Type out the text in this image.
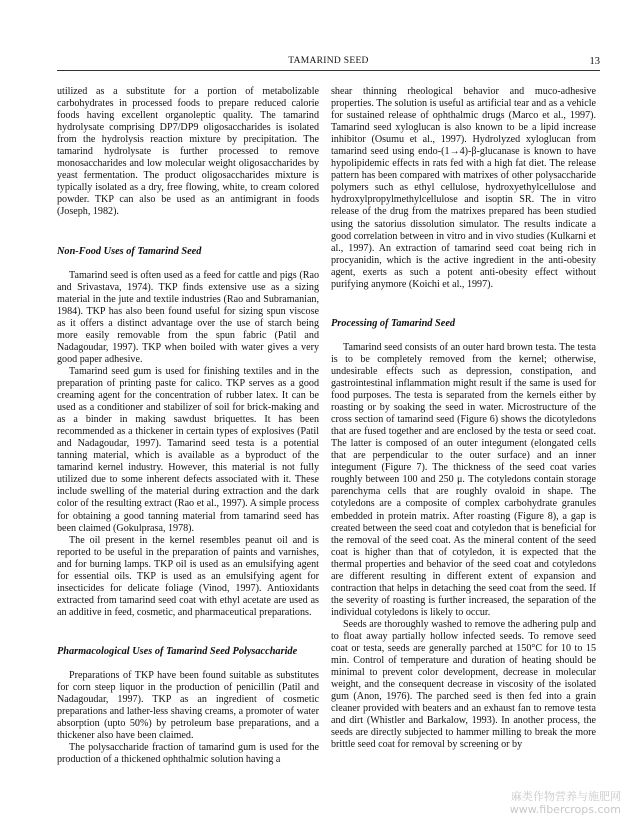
TAMARIND SEED	13

utilized as a substitute for a portion of metabolizable carbohydrates in processed foods to prepare reduced calorie foods having excellent organoleptic quality. The tamarind hydrolysate comprising DP7/DP9 oligosaccharides is isolated from the hydrolysis reaction mixture by precipitation. The tamarind hydrolysate is further processed to remove monosaccharides and low molecular weight oligosaccharides by yeast fermentation. The product oligosaccharides mixture is typically isolated as a dry, free flowing, white, to cream colored powder. TKP can also be used as an antimigrant in foods (Joseph, 1982).

Non-Food Uses of Tamarind Seed

Tamarind seed is often used as a feed for cattle and pigs (Rao and Srivastava, 1974). TKP finds extensive use as a sizing material in the jute and textile industries (Rao and Subramanian, 1984). TKP has also been found useful for sizing spun viscose as it offers a distinct advantage over the use of starch being more easily removable from the spun fabric (Patil and Nadagoudar, 1997). TKP when boiled with water gives a very good paper adhesive.

Tamarind seed gum is used for finishing textiles and in the preparation of printing paste for calico. TKP serves as a good creaming agent for the concentration of rubber latex. It can be used as a conditioner and stabilizer of soil for brick-making and as a binder in making sawdust briquettes. It has been recommended as a thickener in certain types of explosives (Patil and Nadagoudar, 1997). Tamarind seed testa is a potential tanning material, which is available as a byproduct of the tamarind kernel industry. However, this material is not fully utilized due to some inherent defects associated with it. These include swelling of the material during extraction and the dark color of the resulting extract (Rao et al., 1997). A simple process for obtaining a good tanning material from tamarind seed has been claimed (Gokulprasa, 1978).

The oil present in the kernel resembles peanut oil and is reported to be useful in the preparation of paints and varnishes, and for burning lamps. TKP oil is used as an emulsifying agent for essential oils. TKP is used as an emulsifying agent for insecticides for delicate foliage (Vinod, 1997). Antioxidants extracted from tamarind seed coat with ethyl acetate are used as an additive in feed, cosmetic, and pharmaceutical preparations.

Pharmacological Uses of Tamarind Seed Polysaccharide

Preparations of TKP have been found suitable as substitutes for corn steep liquor in the production of penicillin (Patil and Nadagoudar, 1997). TKP as an ingredient of cosmetic preparations and lather-less shaving creams, a promoter of water absorption (upto 50%) by petroleum base preparations, and a thickener also have been claimed.

The polysaccharide fraction of tamarind gum is used for the production of a thickened ophthalmic solution having a

shear thinning rheological behavior and muco-adhesive properties. The solution is useful as artificial tear and as a vehicle for sustained release of ophthalmic drugs (Marco et al., 1997). Tamarind seed xyloglucan is also known to be a lipid increase inhibitor (Osumu et al., 1997). Hydrolyzed xyloglucan from tamarind seed using endo-(1→4)-β-glucanase is known to have hypolipidemic effects in rats fed with a high fat diet. The release pattern has been compared with matrixes of other polysaccharide polymers such as ethyl cellulose, hydroxyethylcellulose and hydroxylpropylmethylcellulose and isoptin SR. The in vitro release of the drug from the matrixes prepared has been studied using the satorius dissolution simulator. The results indicate a good correlation between in vitro and in vivo studies (Kulkarni et al., 1997). An extraction of tamarind seed coat being rich in procyanidin, which is the active ingredient in the anti-obesity agent, exerts as such a potent anti-obesity effect without purifying anymore (Koichi et al., 1997).

Processing of Tamarind Seed

Tamarind seed consists of an outer hard brown testa. The testa is to be completely removed from the kernel; otherwise, undesirable effects such as depression, constipation, and gastrointestinal inflammation might result if the same is used for food purposes. The testa is separated from the kernels either by roasting or by soaking the seed in water. Microstructure of the cross section of tamarind seed (Figure 6) shows the dicotyledons that are fused together and are enclosed by the testa or seed coat. The latter is composed of an outer integument (elongated cells that are perpendicular to the outer surface) and an inner integument (Figure 7). The thickness of the seed coat varies roughly between 100 and 250 μ. The cotyledons contain storage parenchyma cells that are roughly ovaloid in shape. The cotyledons are a composite of complex carbohydrate granules embedded in protein matrix. After roasting (Figure 8), a gap is created between the seed coat and cotyledon that is beneficial for the removal of the seed coat. As the mineral content of the seed coat is higher than that of cotyledon, it is expected that the thermal properties and behavior of the seed coat and cotyledons are different resulting in different extent of expansion and contraction that helps in detaching the seed coat from the seed. If the severity of roasting is further increased, the separation of the individual cotyledons is likely to occur.

Seeds are thoroughly washed to remove the adhering pulp and to float away partially hollow infected seeds. To remove seed coat or testa, seeds are generally parched at 150°C for 10 to 15 min. Control of temperature and duration of heating should be minimal to prevent color development, decrease in molecular weight, and the consequent decrease in viscosity of the isolated gum (Anon, 1976). The parched seed is then fed into a grain cleaner provided with beaters and an exhaust fan to remove testa and dirt (Whistler and Barkalow, 1993). In another process, the seeds are directly subjected to hammer milling to break the more brittle seed coat for removal by screening or by

麻类作物营养与施肥网
www.fibercrops.com
